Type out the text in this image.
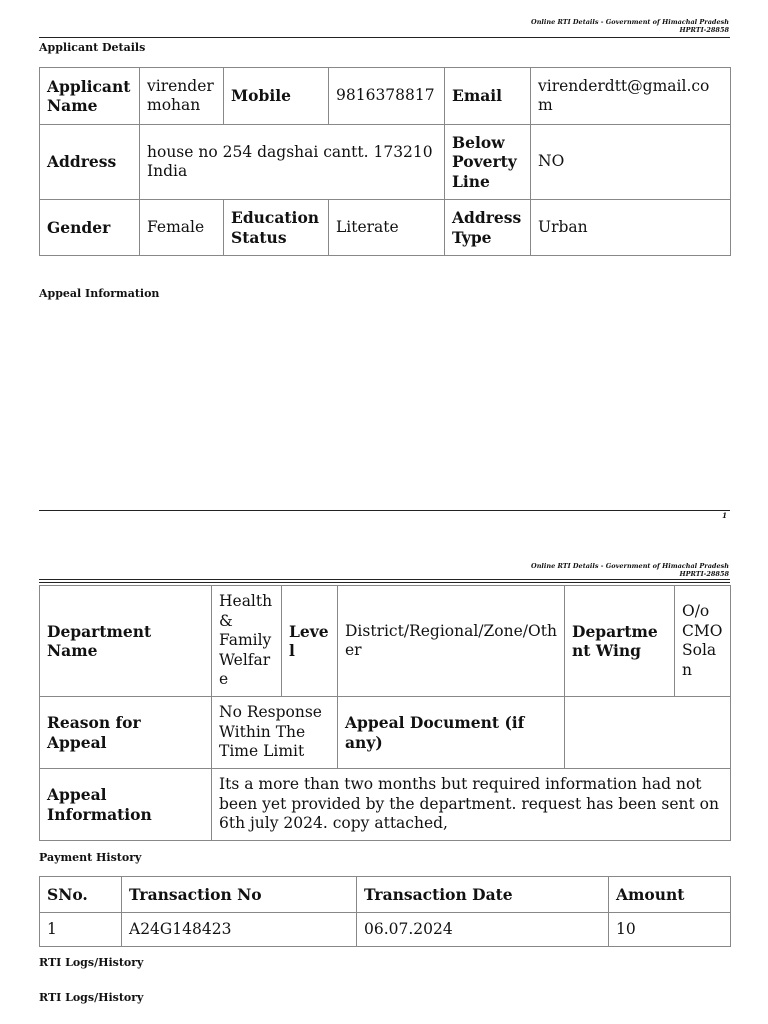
Online RTI Details - Government of Himachal Pradesh
HPRTI-28858
Applicant Details
Applicant Name	virender mohan	Mobile	9816378817	Email	virenderdtt@gmail.com
Address	house no 254 dagshai cantt. 173210 India			Below Poverty Line	NO
Gender	Female	Education Status	Literate	Address Type	Urban
Appeal Information
1
Online RTI Details - Government of Himachal Pradesh
HPRTI-28858
Department Name	Health & Family Welfare	Level	District/Regional/Zone/Other	Department Wing	O/o CMO Solan
Reason for Appeal	No Response Within The Time Limit		Appeal Document (if any)		
Appeal Information	Its a more than two months but required information had not been yet provided by the department. request has been sent on 6th july 2024. copy attached,				
Payment History
SNo.	Transaction No	Transaction Date	Amount
1	A24G148423	06.07.2024	10
RTI Logs/History
RTI Logs/History
